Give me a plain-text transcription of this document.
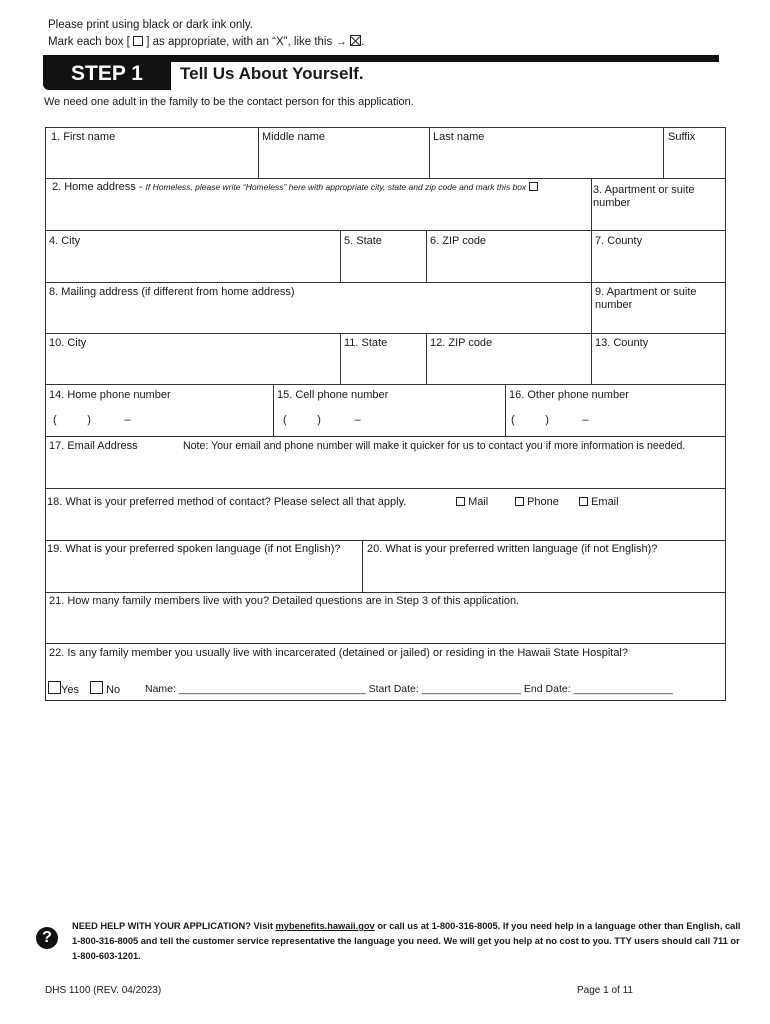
Please print using black or dark ink only.
Mark each box [ ] as appropriate, with an “X”, like this → .
STEP 1	Tell Us About Yourself.
We need one adult in the family to be the contact person for this application.
1. First name	Middle name	Last name	Suffix
2. Home address - If Homeless, please write “Homeless” here with appropriate city, state and zip code and mark this box	3. Apartment or suite number
4. City	5. State	6. ZIP code	7. County
8. Mailing address (if different from home address)	9. Apartment or suite number
10. City	11. State	12. ZIP code	13. County
14. Home phone number
(          )           –
15. Cell phone number
(          )           –
16. Other phone number
(          )           –
17. Email Address	Note: Your email and phone number will make it quicker for us to contact you if more information is needed.
18. What is your preferred method of contact? Please select all that apply.	Mail	Phone	Email
19. What is your preferred spoken language (if not English)? 20. What is your preferred written language (if not English)?
21. How many family members live with you? Detailed questions are in Step 3 of this application.
22. Is any family member you usually live with incarcerated (detained or jailed) or residing in the Hawaii State Hospital?
Yes	No Name: ________________________________ Start Date: _________________ End Date: _________________
?
NEED HELP WITH YOUR APPLICATION? Visit mybenefits.hawaii.gov or call us at 1-800-316-8005. If you need help in a language other than English, call 1-800-316-8005 and tell the customer service representative the language you need. We will get you help at no cost to you. TTY users should call 711 or 1-800-603-1201.
DHS 1100 (REV. 04/2023)	Page 1 of 11
